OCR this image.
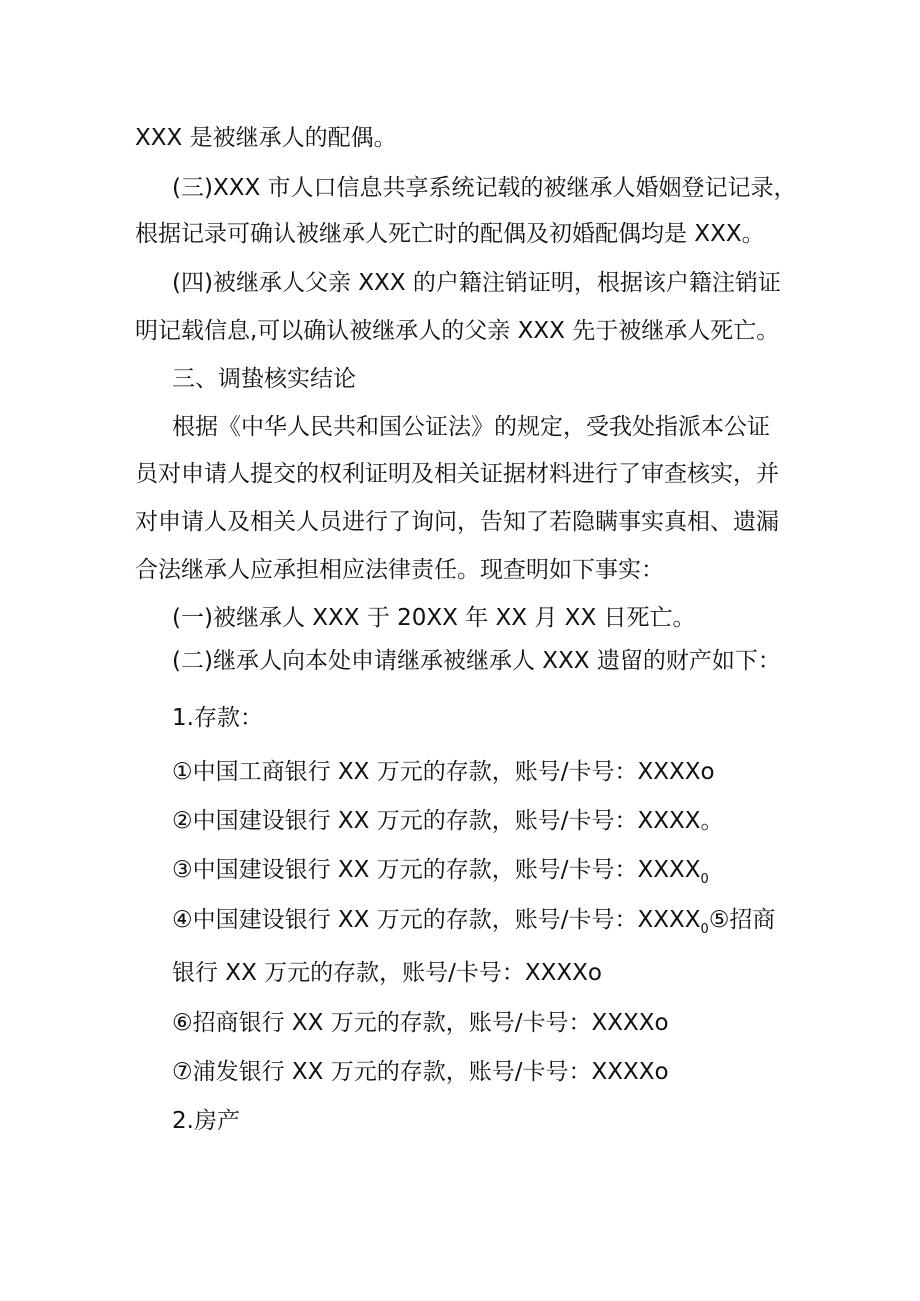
XXX 是被继承人的配偶。

(三)XXX 市人口信息共享系统记载的被继承人婚姻登记记录，

根据记录可确认被继承人死亡时的配偶及初婚配偶均是 XXX。

(四)被继承人父亲 XXX 的户籍注销证明，根据该户籍注销证

明记载信息,可以确认被继承人的父亲 XXX 先于被继承人死亡。

三、调蛰核实结论

根据《中华人民共和国公证法》的规定，受我处指派本公证

员对申请人提交的权利证明及相关证据材料进行了审查核实，并

对申请人及相关人员进行了询问，告知了若隐瞒事实真相、遗漏

合法继承人应承担相应法律责任。现查明如下事实：

(一)被继承人 XXX 于 20XX 年 XX 月 XX 日死亡。

(二)继承人向本处申请继承被继承人 XXX 遗留的财产如下：

1.存款：

①中国工商银行 XX 万元的存款，账号/卡号：XXXXo

②中国建设银行 XX 万元的存款，账号/卡号：XXXX。

③中国建设银行 XX 万元的存款，账号/卡号：$XXXX_0$

④中国建设银行 XX 万元的存款，账号/卡号：$XXXX_0⑤$招商

银行 XX 万元的存款，账号/卡号：XXXXo

⑥招商银行 XX 万元的存款，账号/卡号：XXXXo

⑦浦发银行 XX 万元的存款，账号/卡号：XXXXo

2.房产
